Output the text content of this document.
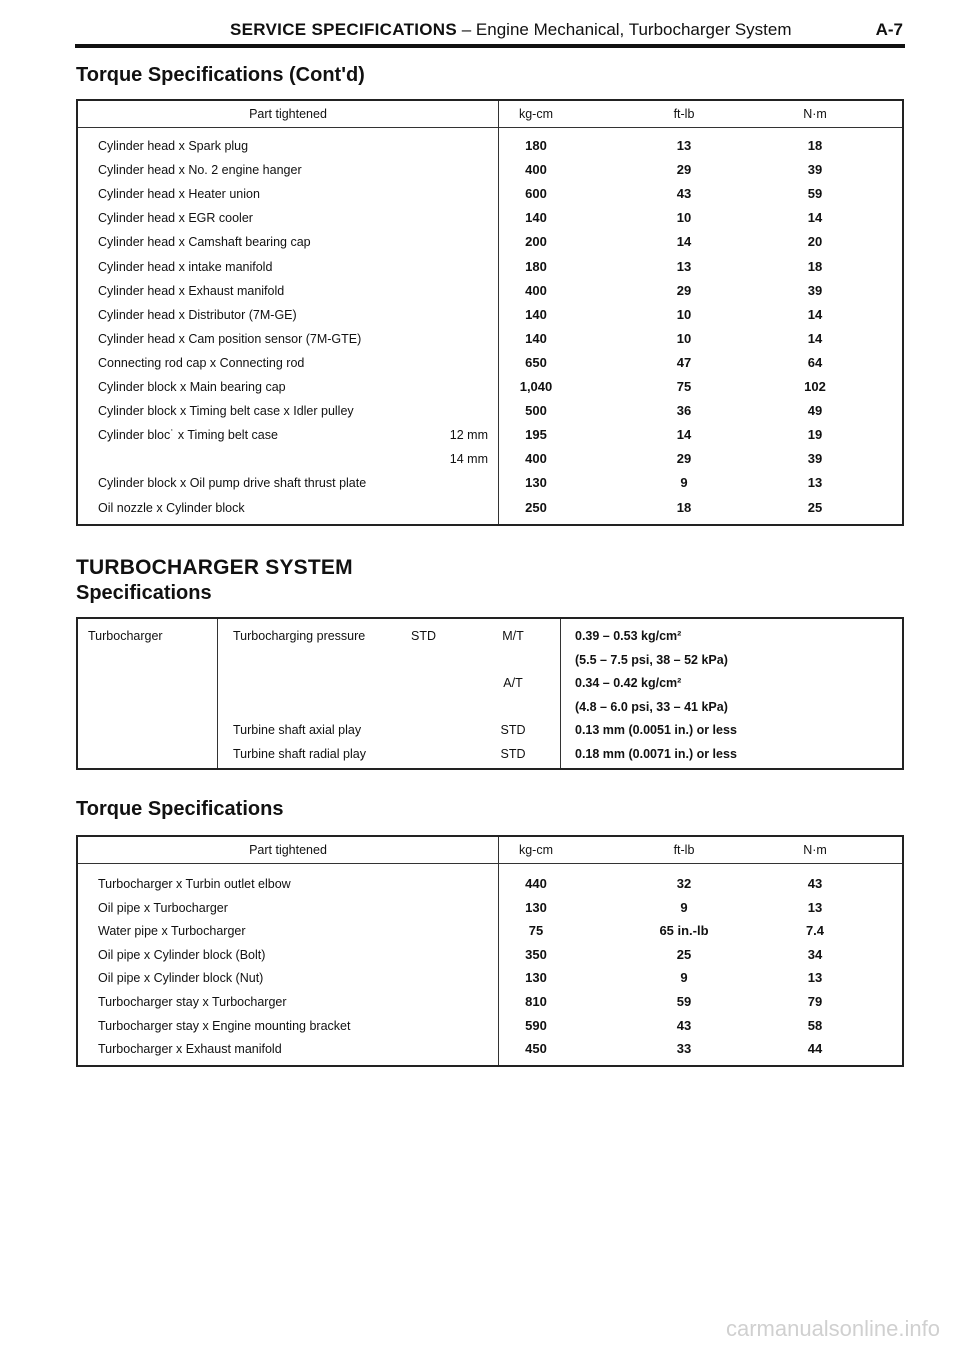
SERVICE SPECIFICATIONS – Engine Mechanical, Turbocharger System	A-7
Torque Specifications (Cont'd)
Part tightened	kg-cm	ft-lb	N·m
Cylinder head x Spark plug	180	13	18
Cylinder head x No. 2 engine hanger	400	29	39
Cylinder head x Heater union	600	43	59
Cylinder head x EGR cooler	140	10	14
Cylinder head x Camshaft bearing cap	200	14	20
Cylinder head x intake manifold	180	13	18
Cylinder head x Exhaust manifold	400	29	39
Cylinder head x Distributor (7M-GE)	140	10	14
Cylinder head x Cam position sensor (7M-GTE)	140	10	14
Connecting rod cap x Connecting rod	650	47	64
Cylinder block x Main bearing cap	1,040	75	102
Cylinder block x Timing belt case x Idler pulley	500	36	49
Cylinder bloc˙ x Timing belt case	12 mm	195	14	19
14 mm	400	29	39
Cylinder block x Oil pump drive shaft thrust plate	130	9	13
Oil nozzle x Cylinder block	250	18	25
TURBOCHARGER SYSTEM
Specifications
Turbocharger	Turbocharging pressure	STD	M/T	0.39 – 0.53 kg/cm²
(5.5 – 7.5 psi, 38 – 52 kPa)
A/T	0.34 – 0.42 kg/cm²
(4.8 – 6.0 psi, 33 – 41 kPa)
Turbine shaft axial play	STD	0.13 mm (0.0051 in.) or less
Turbine shaft radial play	STD	0.18 mm (0.0071 in.) or less
Torque Specifications
Part tightened	kg-cm	ft-lb	N·m
Turbocharger x Turbin outlet elbow	440	32	43
Oil pipe x Turbocharger	130	9	13
Water pipe x Turbocharger	75	65 in.-lb	7.4
Oil pipe x Cylinder block (Bolt)	350	25	34
Oil pipe x Cylinder block (Nut)	130	9	13
Turbocharger stay x Turbocharger	810	59	79
Turbocharger stay x Engine mounting bracket	590	43	58
Turbocharger x Exhaust manifold	450	33	44
carmanualsonline.info
